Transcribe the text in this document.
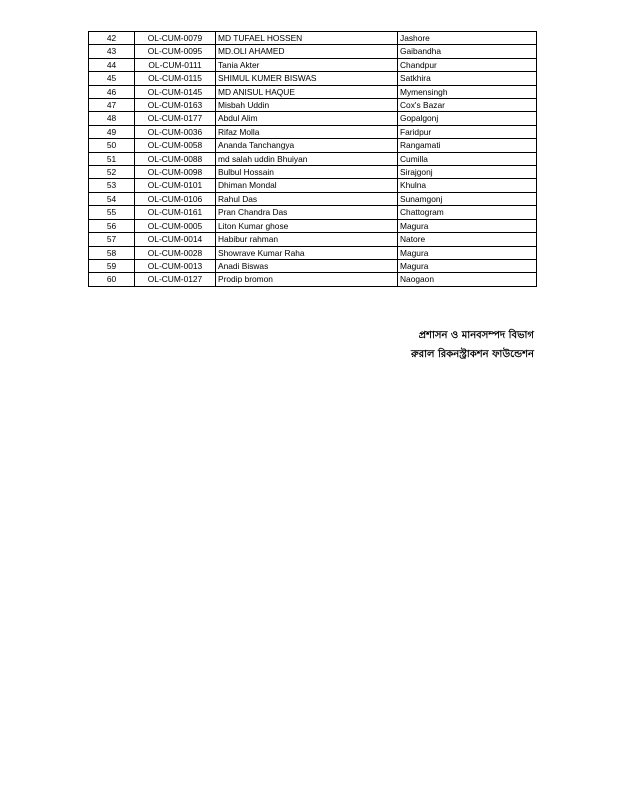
42	OL-CUM-0079	MD TUFAEL HOSSEN	Jashore
43	OL-CUM-0095	MD.OLI AHAMED	Gaibandha
44	OL-CUM-0111	Tania Akter	Chandpur
45	OL-CUM-0115	SHIMUL KUMER BISWAS	Satkhira
46	OL-CUM-0145	MD ANISUL HAQUE	Mymensingh
47	OL-CUM-0163	Misbah Uddin	Cox's Bazar
48	OL-CUM-0177	Abdul Alim	Gopalgonj
49	OL-CUM-0036	Rifaz Molla	Faridpur
50	OL-CUM-0058	Ananda Tanchangya	Rangamati
51	OL-CUM-0088	md salah uddin Bhuiyan	Cumilla
52	OL-CUM-0098	Bulbul Hossain	Sirajgonj
53	OL-CUM-0101	Dhiman Mondal	Khulna
54	OL-CUM-0106	Rahul Das	Sunamgonj
55	OL-CUM-0161	Pran Chandra Das	Chattogram
56	OL-CUM-0005	Liton Kumar ghose	Magura
57	OL-CUM-0014	Habibur rahman	Natore
58	OL-CUM-0028	Showrave Kumar Raha	Magura
59	OL-CUM-0013	Anadi Biswas	Magura
60	OL-CUM-0127	Prodip bromon	Naogaon
প্রশাসন ও মানবসম্পদ বিভাগ
রুরাল রিকনস্ট্রাকশন ফাউন্ডেশন
